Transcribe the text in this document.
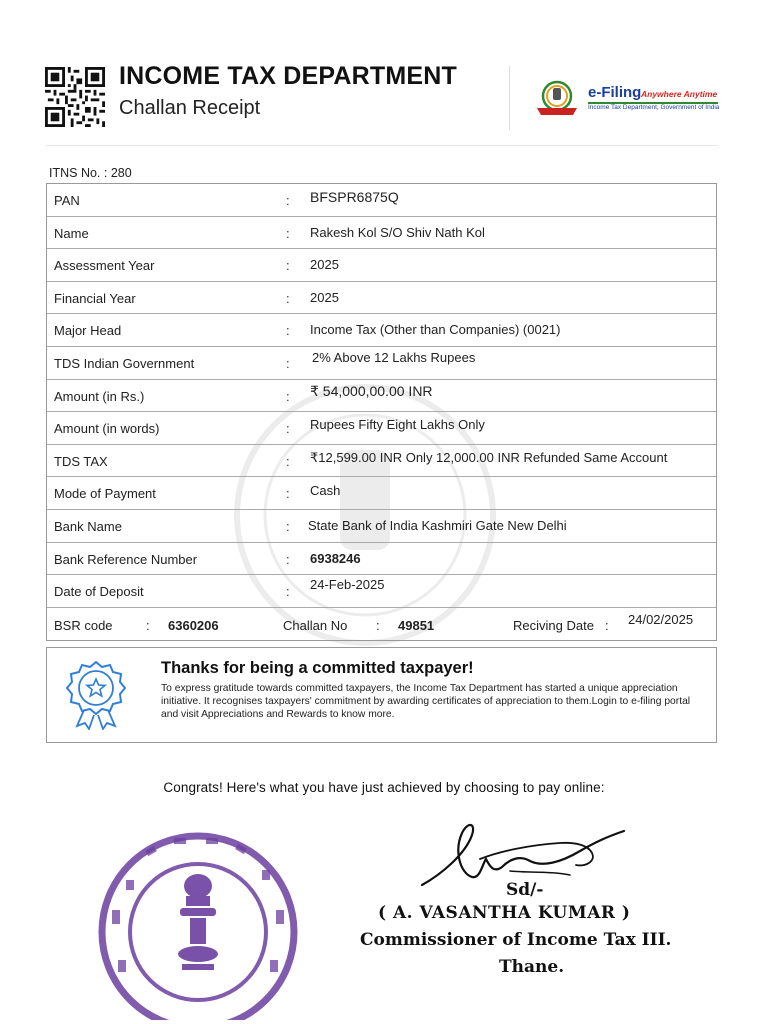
INCOME TAX DEPARTMENT
Challan Receipt
e-Filing Anywhere Anytime
Income Tax Department, Government of India
ITNS No. : 280
PAN	: BFSPR6875Q
Name	: Rakesh Kol S/O Shiv Nath Kol
Assessment Year	: 2025
Financial Year	: 2025
Major Head	: Income Tax (Other than Companies) (0021)
TDS Indian Government	: 2% Above 12 Lakhs Rupees
Amount (in Rs.)	: ₹ 54,000,00.00 INR
Amount (in words)	: Rupees Fifty Eight Lakhs Only
TDS TAX	: ₹12,599.00 INR Only 12,000.00 INR Refunded Same Account
Mode of Payment	: Cash
Bank Name	: State Bank of India Kashmiri Gate New Delhi
Bank Reference Number	: 6938246
Date of Deposit	: 24-Feb-2025
BSR code	: 6360206	Challan No : 49851	Reciving Date : 24/02/2025
Thanks for being a committed taxpayer!
To express gratitude towards committed taxpayers, the Income Tax Department has started a unique appreciation initiative. It recognises taxpayers' commitment by awarding certificates of appreciation to them.Login to e-filing portal and visit Appreciations and Rewards to know more.
Congrats! Here's what you have just achieved by choosing to pay online:
Sd/-
( A. VASANTHA KUMAR )
Commissioner of Income Tax III.
Thane.
